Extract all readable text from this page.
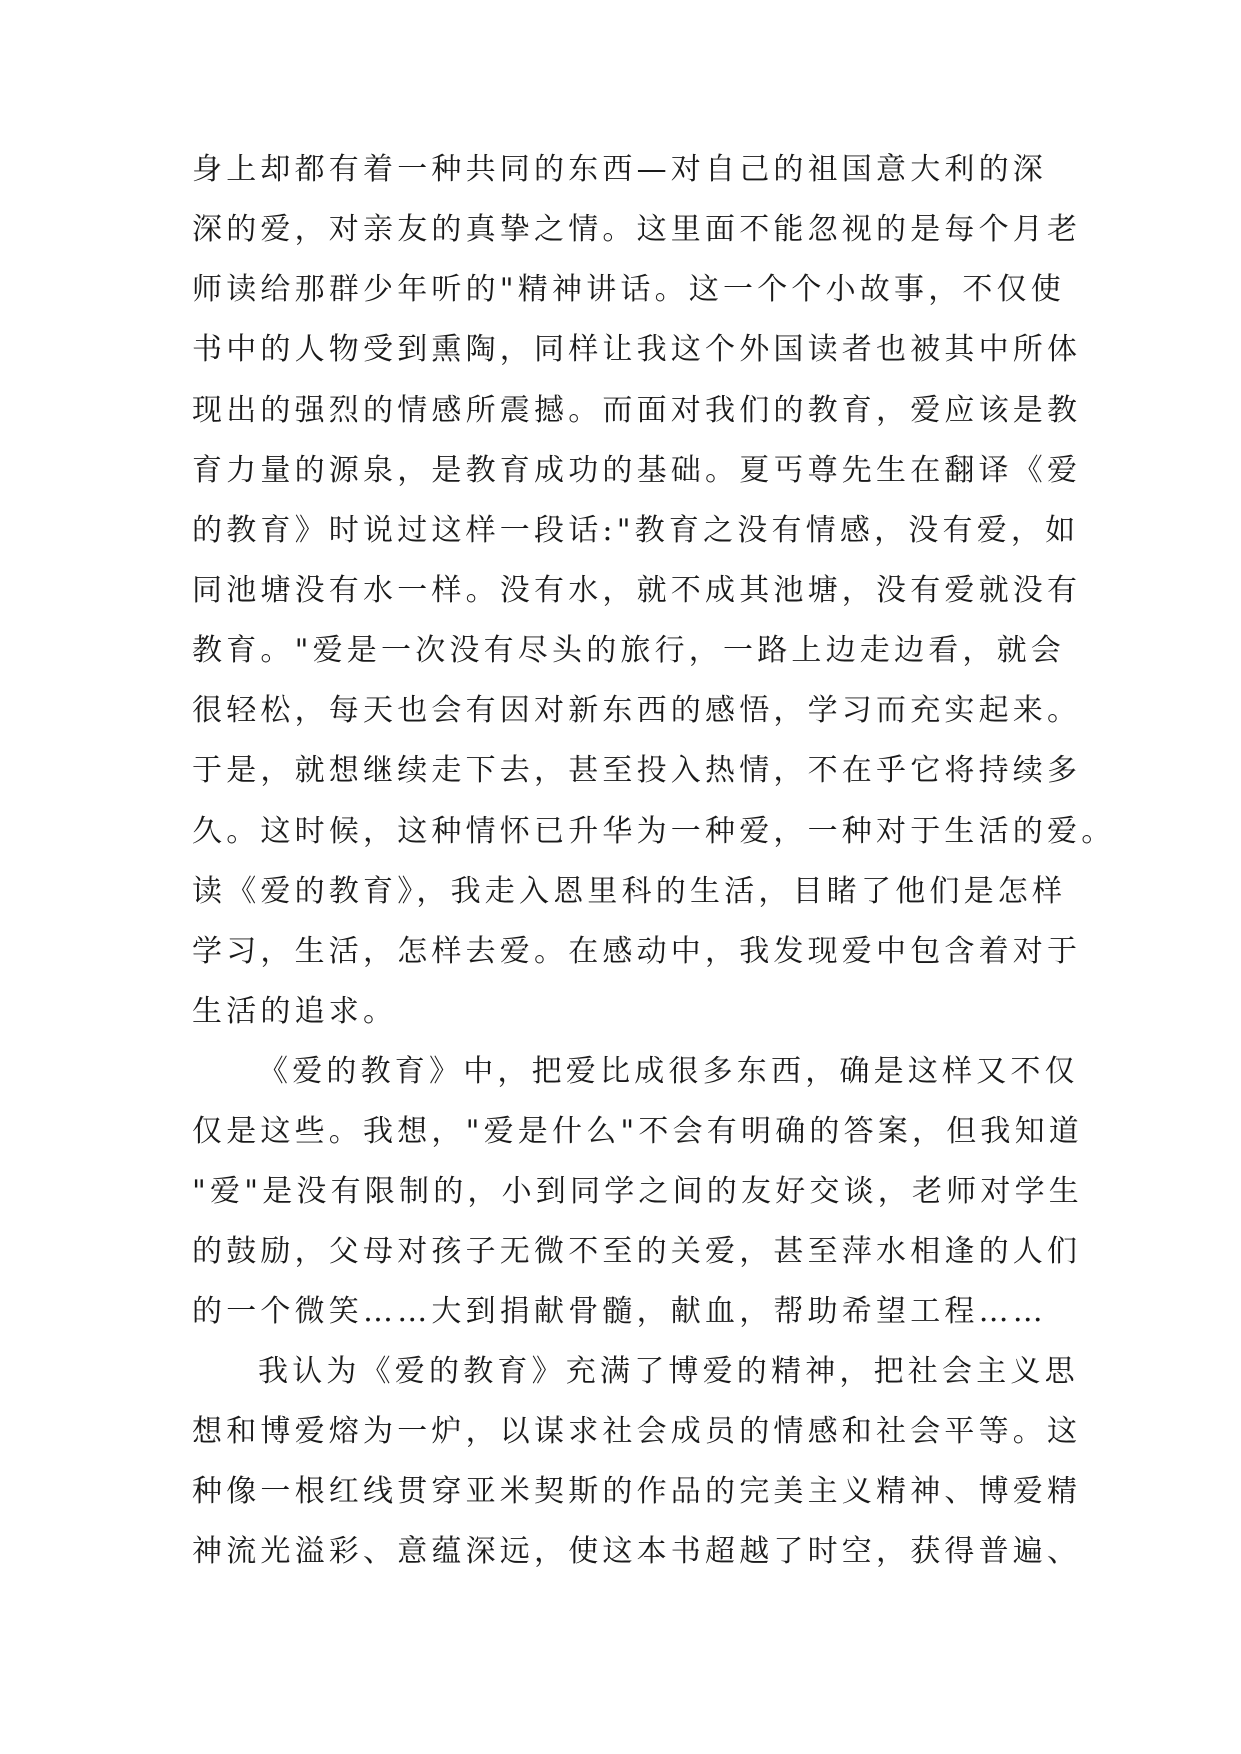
身上却都有着一种共同的东西—对自己的祖国意大利的深
深的爱，对亲友的真挚之情。这里面不能忽视的是每个月老
师读给那群少年听的"精神讲话。这一个个小故事，不仅使
书中的人物受到熏陶，同样让我这个外国读者也被其中所体
现出的强烈的情感所震撼。而面对我们的教育，爱应该是教
育力量的源泉，是教育成功的基础。夏丐尊先生在翻译《爱
的教育》时说过这样一段话:"教育之没有情感，没有爱，如
同池塘没有水一样。没有水，就不成其池塘，没有爱就没有
教育。"爱是一次没有尽头的旅行，一路上边走边看，就会
很轻松，每天也会有因对新东西的感悟，学习而充实起来。
于是，就想继续走下去，甚至投入热情，不在乎它将持续多
久。这时候，这种情怀已升华为一种爱，一种对于生活的爱。
读《爱的教育》，我走入恩里科的生活，目睹了他们是怎样
学习，生活，怎样去爱。在感动中，我发现爱中包含着对于
生活的追求。
《爱的教育》中，把爱比成很多东西，确是这样又不仅
仅是这些。我想，"爱是什么"不会有明确的答案，但我知道
"爱"是没有限制的，小到同学之间的友好交谈，老师对学生
的鼓励，父母对孩子无微不至的关爱，甚至萍水相逢的人们
的一个微笑……大到捐献骨髓，献血，帮助希望工程……
我认为《爱的教育》充满了博爱的精神，把社会主义思
想和博爱熔为一炉，以谋求社会成员的情感和社会平等。这
种像一根红线贯穿亚米契斯的作品的完美主义精神、博爱精
神流光溢彩、意蕴深远，使这本书超越了时空，获得普遍、
